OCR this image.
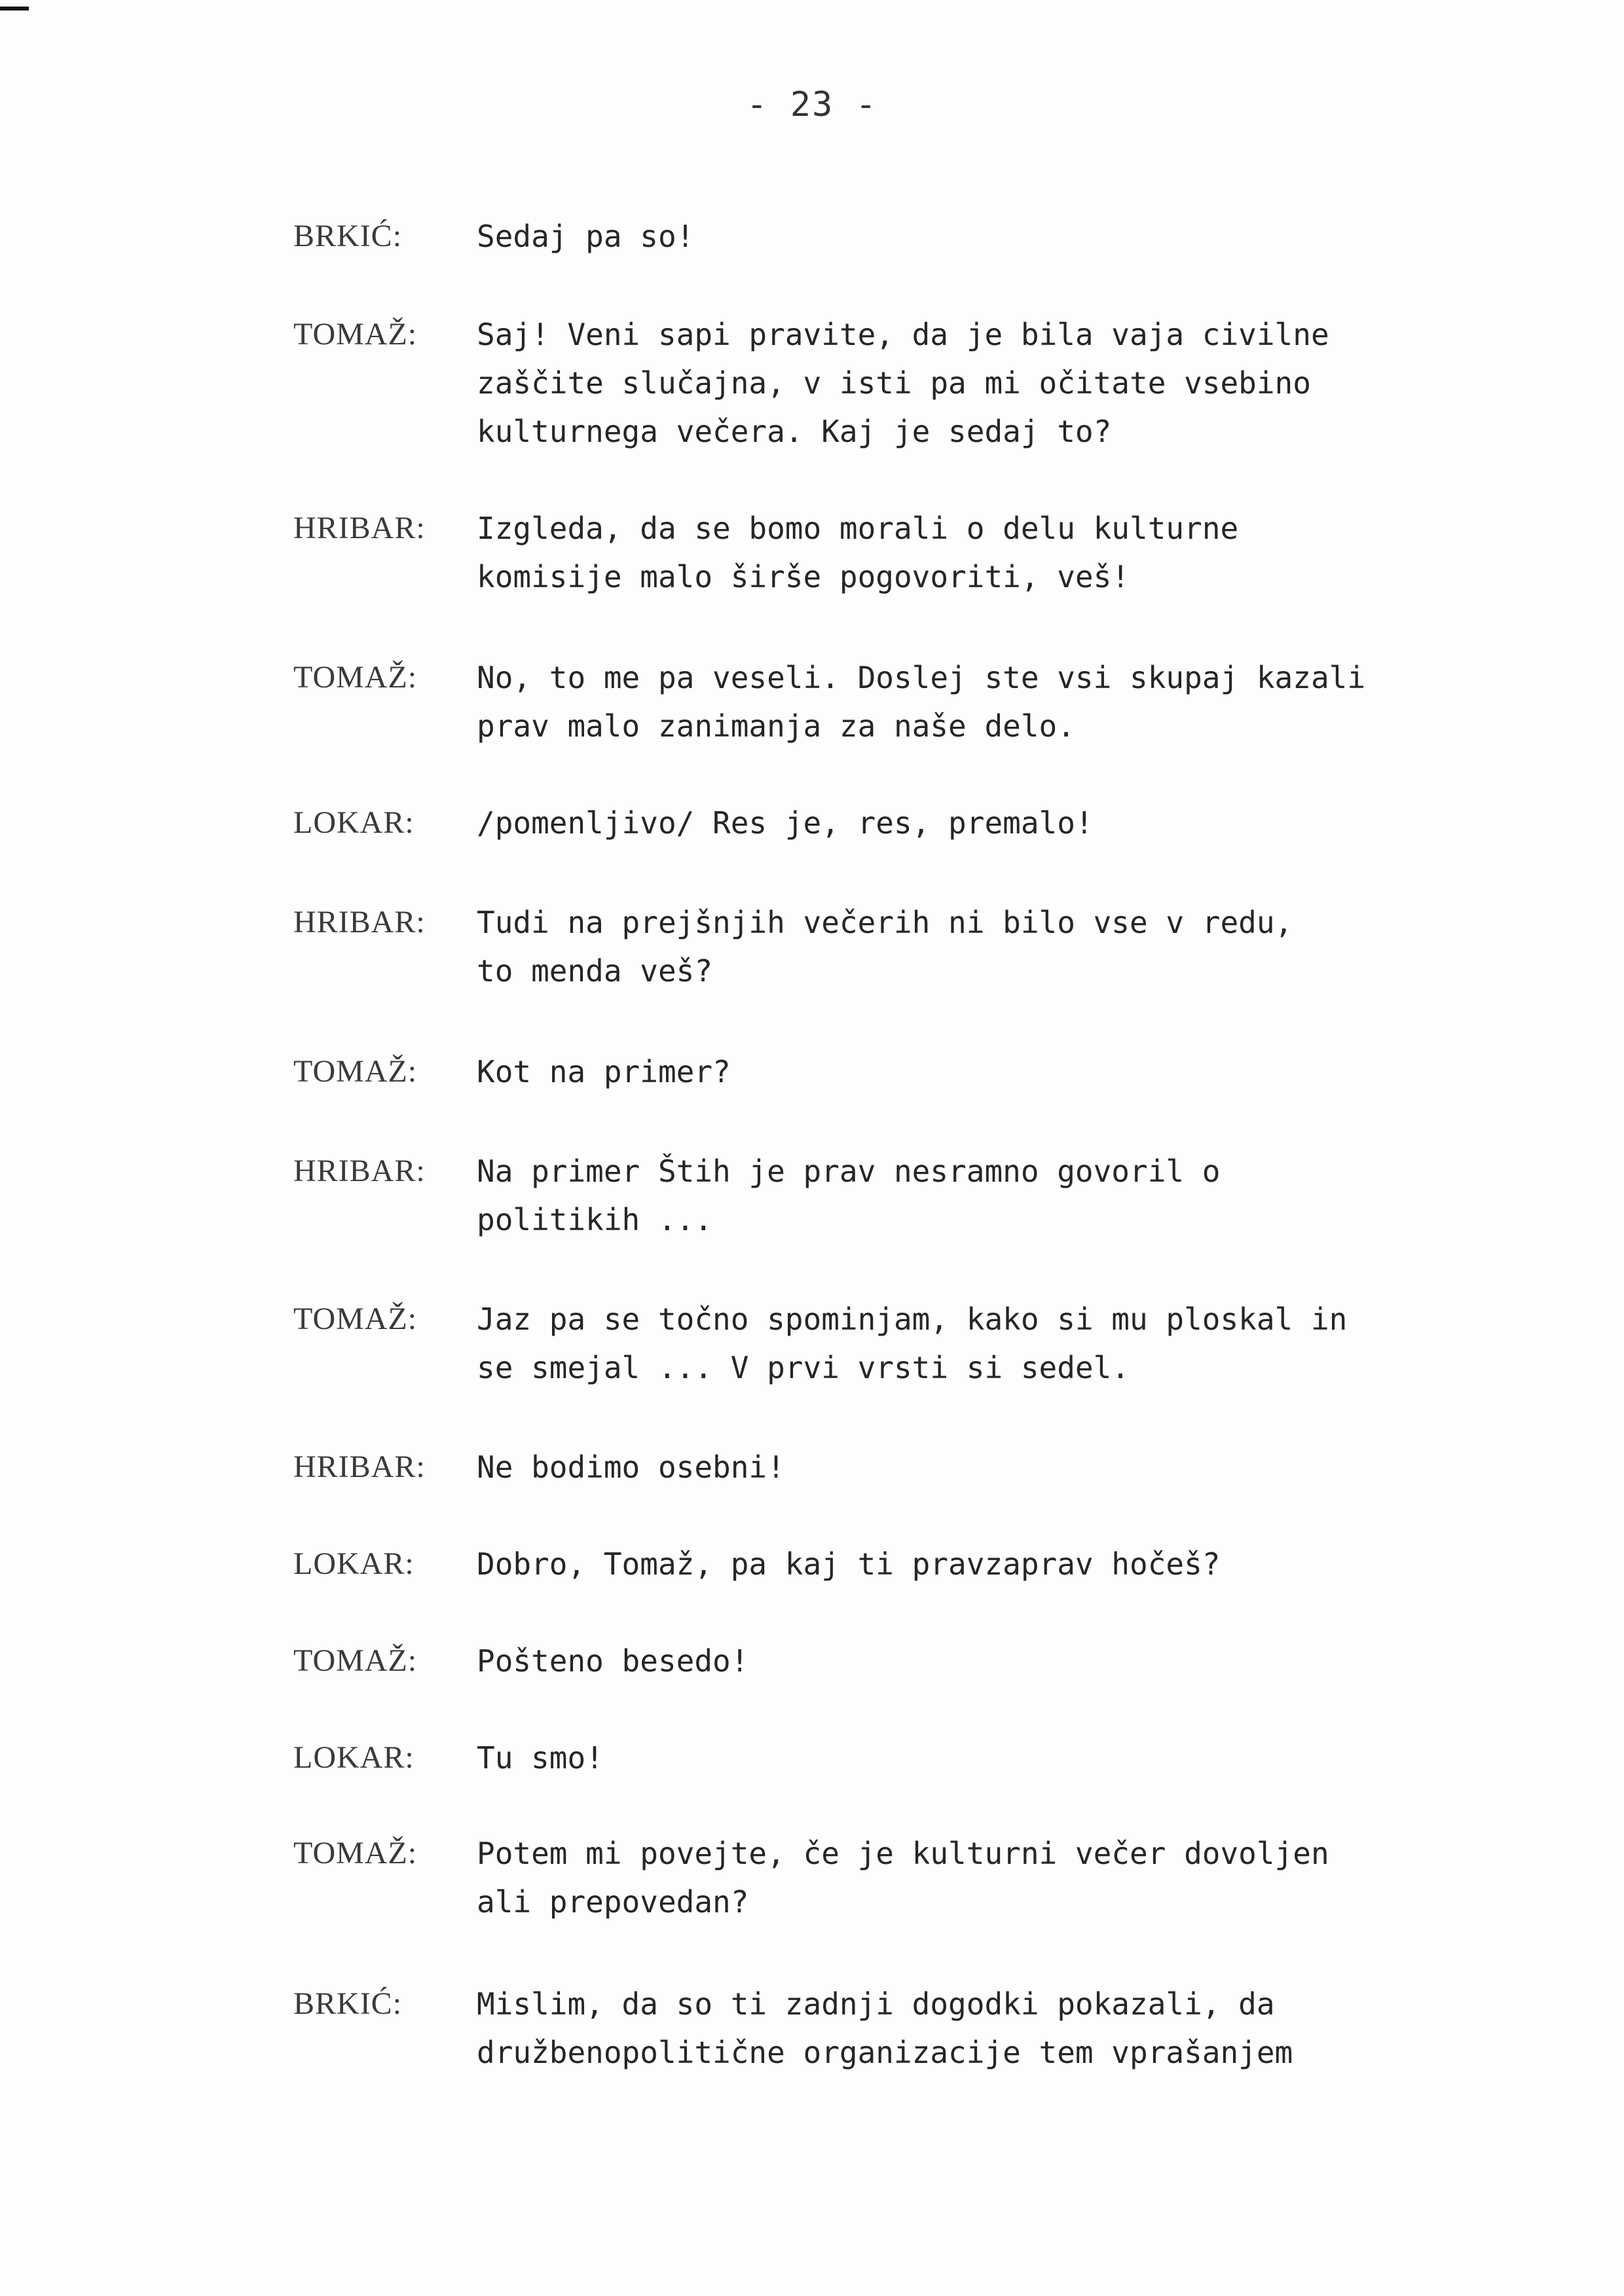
- 23 -
BRKIĆ:	Sedaj pa so!
TOMAŽ:	Saj! Veni sapi pravite, da je bila vaja civilne
zaščite slučajna, v isti pa mi očitate vsebino
kulturnega večera. Kaj je sedaj to?
HRIBAR:	Izgleda, da se bomo morali o delu kulturne
komisije malo širše pogovoriti, veš!
TOMAŽ:	No, to me pa veseli. Doslej ste vsi skupaj kazali
prav malo zanimanja za naše delo.
LOKAR:	/pomenljivo/ Res je, res, premalo!
HRIBAR:	Tudi na prejšnjih večerih ni bilo vse v redu,
to menda veš?
TOMAŽ:	Kot na primer?
HRIBAR:	Na primer Štih je prav nesramno govoril o
politikih ...
TOMAŽ:	Jaz pa se točno spominjam, kako si mu ploskal in
se smejal ... V prvi vrsti si sedel.
HRIBAR:	Ne bodimo osebni!
LOKAR:	Dobro, Tomaž, pa kaj ti pravzaprav hočeš?
TOMAŽ:	Pošteno besedo!
LOKAR:	Tu smo!
TOMAŽ:	Potem mi povejte, če je kulturni večer dovoljen
ali prepovedan?
BRKIĆ:	Mislim, da so ti zadnji dogodki pokazali, da
družbenopolitične organizacije tem vprašanjem
